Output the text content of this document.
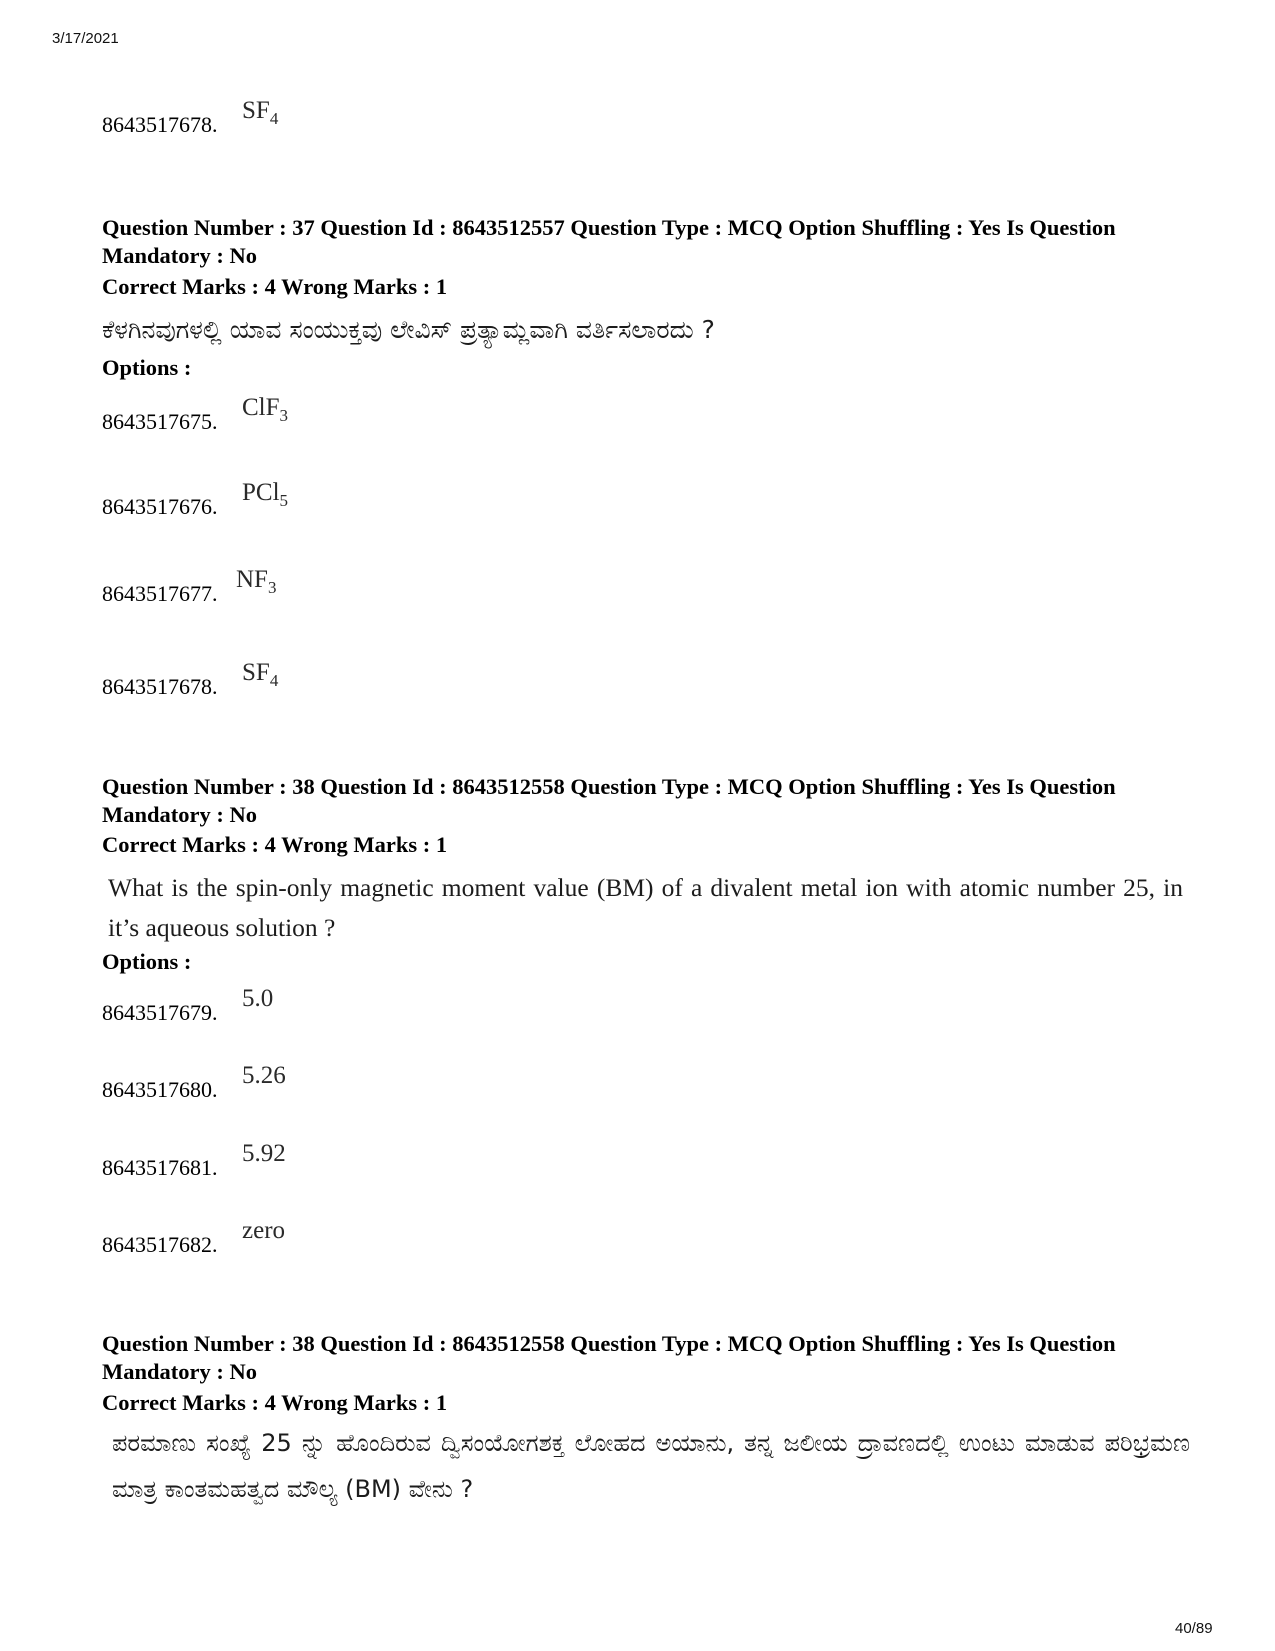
3/17/2021
8643517678.
$SF_4$
Question Number : 37 Question Id : 8643512557 Question Type : MCQ Option Shuffling : Yes Is Question Mandatory : No
Correct Marks : 4 Wrong Marks : 1
ಕೆಳಗಿನವುಗಳಲ್ಲಿ ಯಾವ ಸಂಯುಕ್ತವು ಲೇವಿಸ್ ಪ್ರತ್ಯಾಮ್ಲವಾಗಿ ವರ್ತಿಸಲಾರದು ?
Options :
8643517675.
ClF$_3$
8643517676.
PCl$_5$
8643517677.
$NF_3$
8643517678.
$SF_4$
Question Number : 38 Question Id : 8643512558 Question Type : MCQ Option Shuffling : Yes Is Question Mandatory : No
Correct Marks : 4 Wrong Marks : 1
What is the spin-only magnetic moment value (BM) of a divalent metal ion with atomic number 25, in it’s aqueous solution ?
Options :
8643517679.
5.0
8643517680.
5.26
8643517681.
5.92
8643517682.
zero
Question Number : 38 Question Id : 8643512558 Question Type : MCQ Option Shuffling : Yes Is Question Mandatory : No
Correct Marks : 4 Wrong Marks : 1
ಪರಮಾಣು ಸಂಖ್ಯೆ 25 ನ್ನು ಹೊಂದಿರುವ ದ್ವಿಸಂಯೋಗಶಕ್ತ ಲೋಹದ ಅಯಾನು, ತನ್ನ ಜಲೀಯ ದ್ರಾವಣದಲ್ಲಿ ಉಂಟು ಮಾಡುವ ಪರಿಭ್ರಮಣ ಮಾತ್ರ ಕಾಂತಮಹತ್ವದ ಮೌಲ್ಯ (BM) ವೇನು ?
40/89
